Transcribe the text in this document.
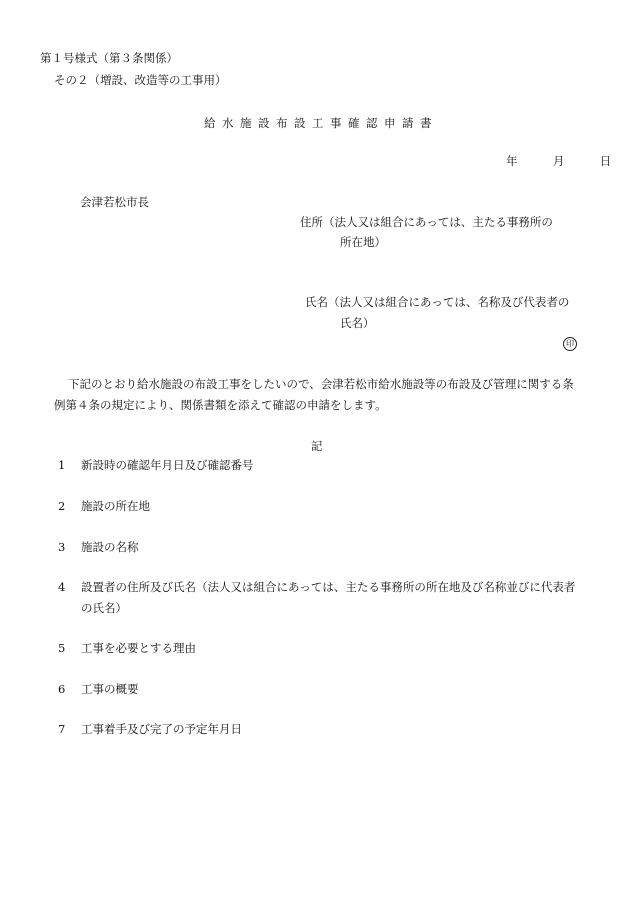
第１号様式（第３条関係）
その２（増設、改造等の工事用）
給水施設布設工事確認申請書
年	月	日
会津若松市長
住所（法人又は組合にあっては、主たる事務所の
所在地）
氏名（法人又は組合にあっては、名称及び代表者の
氏名）
印
下記のとおり給水施設の布設工事をしたいので、会津若松市給水施設等の布設及び管理に関する条
例第４条の規定により、関係書類を添えて確認の申請をします。
記
1 新設時の確認年月日及び確認番号
2 施設の所在地
3 施設の名称
4 設置者の住所及び氏名（法人又は組合にあっては、主たる事務所の所在地及び名称並びに代表者
の氏名）
5 工事を必要とする理由
6 工事の概要
7 工事着手及び完了の予定年月日
